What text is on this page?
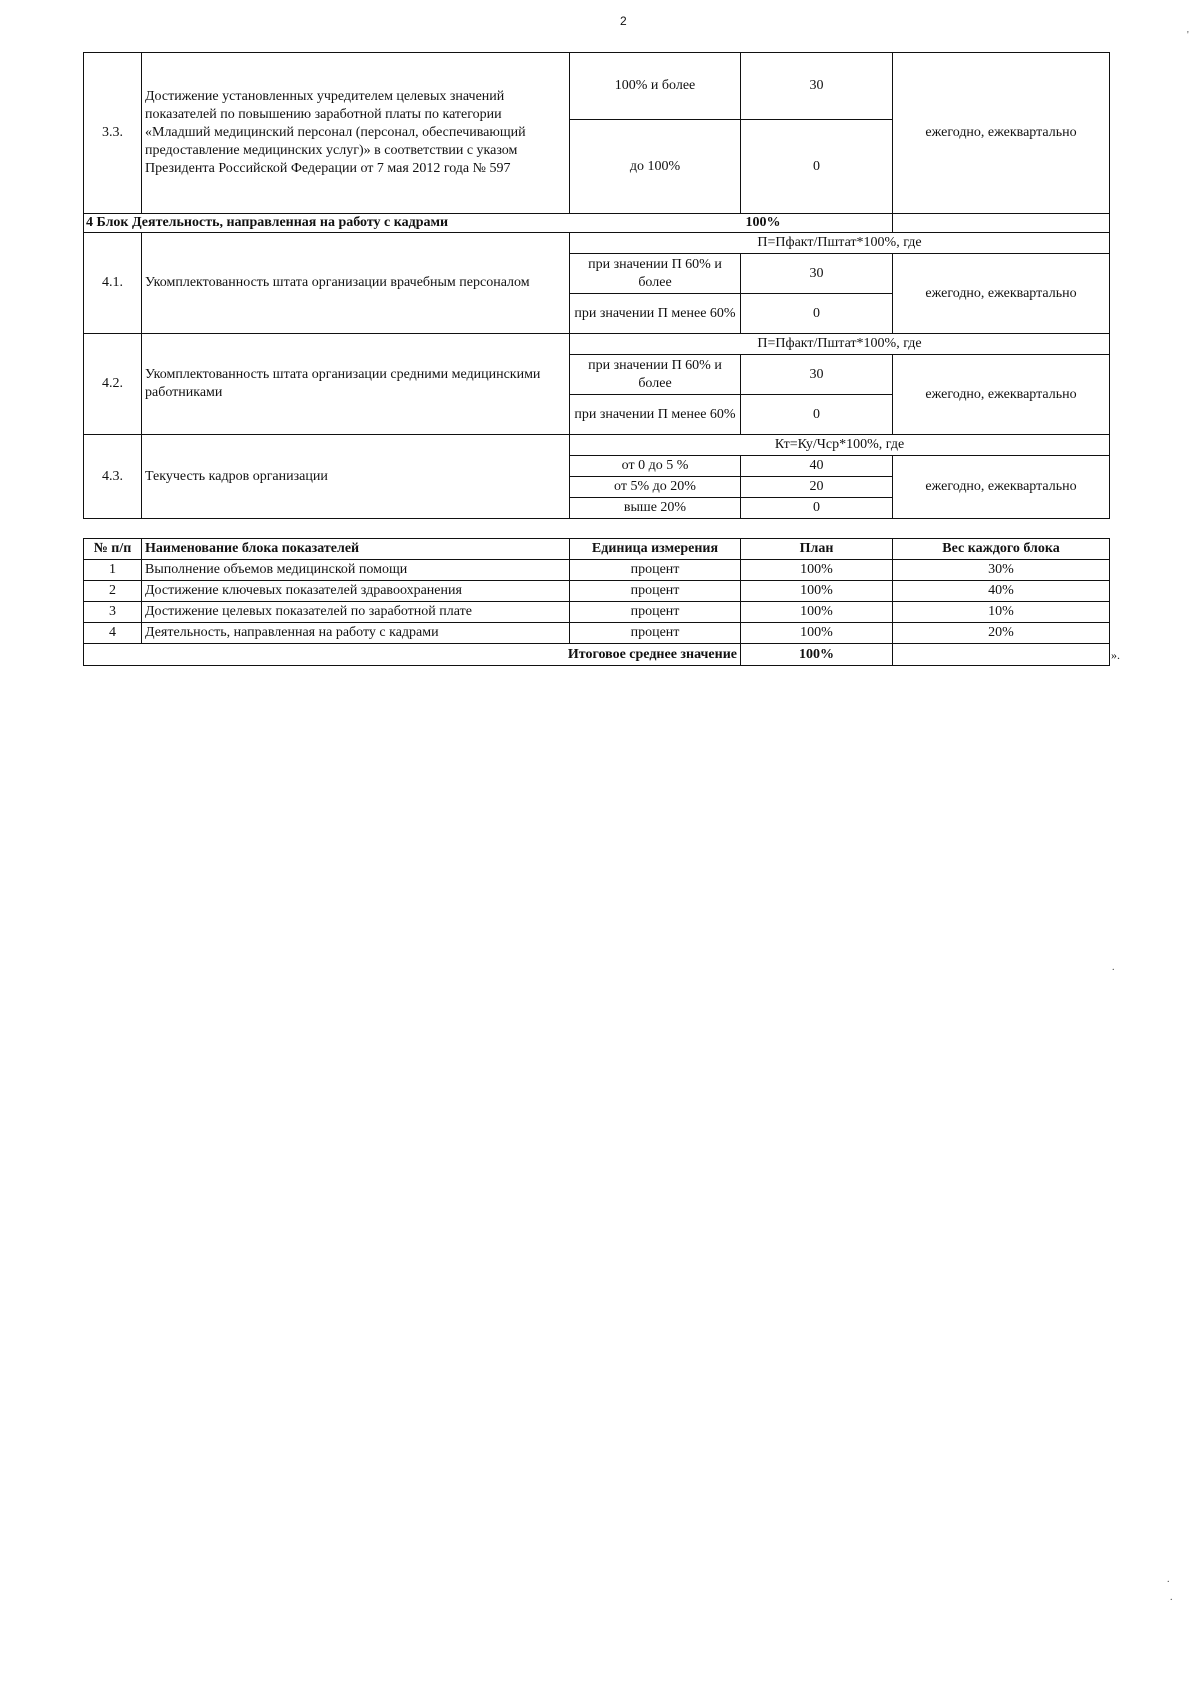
2
'
.
.
.
3.3.	Достижение установленных учредителем целевых значений показателей по повышению заработной платы по категории «Младший медицинский персонал (персонал, обеспечивающий предоставление медицинских услуг)» в соответствии с указом Президента Российской Федерации от 7 мая 2012 года № 597	100% и более	30	ежегодно, ежеквартально
		до 100%	0	
4 Блок Деятельность, направленная на работу с кадрами 100%				

4.1.	Укомплектованность штата организации врачебным персоналом	П=Пфакт/Пштат*100%, где		
		при значении П 60% и более	30	ежегодно, ежеквартально
		при значении П менее 60%	0	
4.2.	Укомплектованность штата организации средними медицинскими работниками	П=Пфакт/Пштат*100%, где		
		при значении П 60% и более	30	ежегодно, ежеквартально
		при значении П менее 60%	0	
4.3.	Текучесть кадров организации	Кт=Ку/Чср*100%, где		
		от 0 до 5 %	40	ежегодно, ежеквартально
		от 5% до 20%	20	
		выше 20%	0	
№ п/п	Наименование блока показателей	Единица измерения	План	Вес каждого блока
1	Выполнение объемов медицинской помощи	процент	100%	30%
2	Достижение ключевых показателей здравоохранения	процент	100%	40%
3	Достижение целевых показателей по заработной плате	процент	100%	10%
4	Деятельность, направленная на работу с кадрами	процент	100%	20%
Итоговое среднее значение			100%		».
